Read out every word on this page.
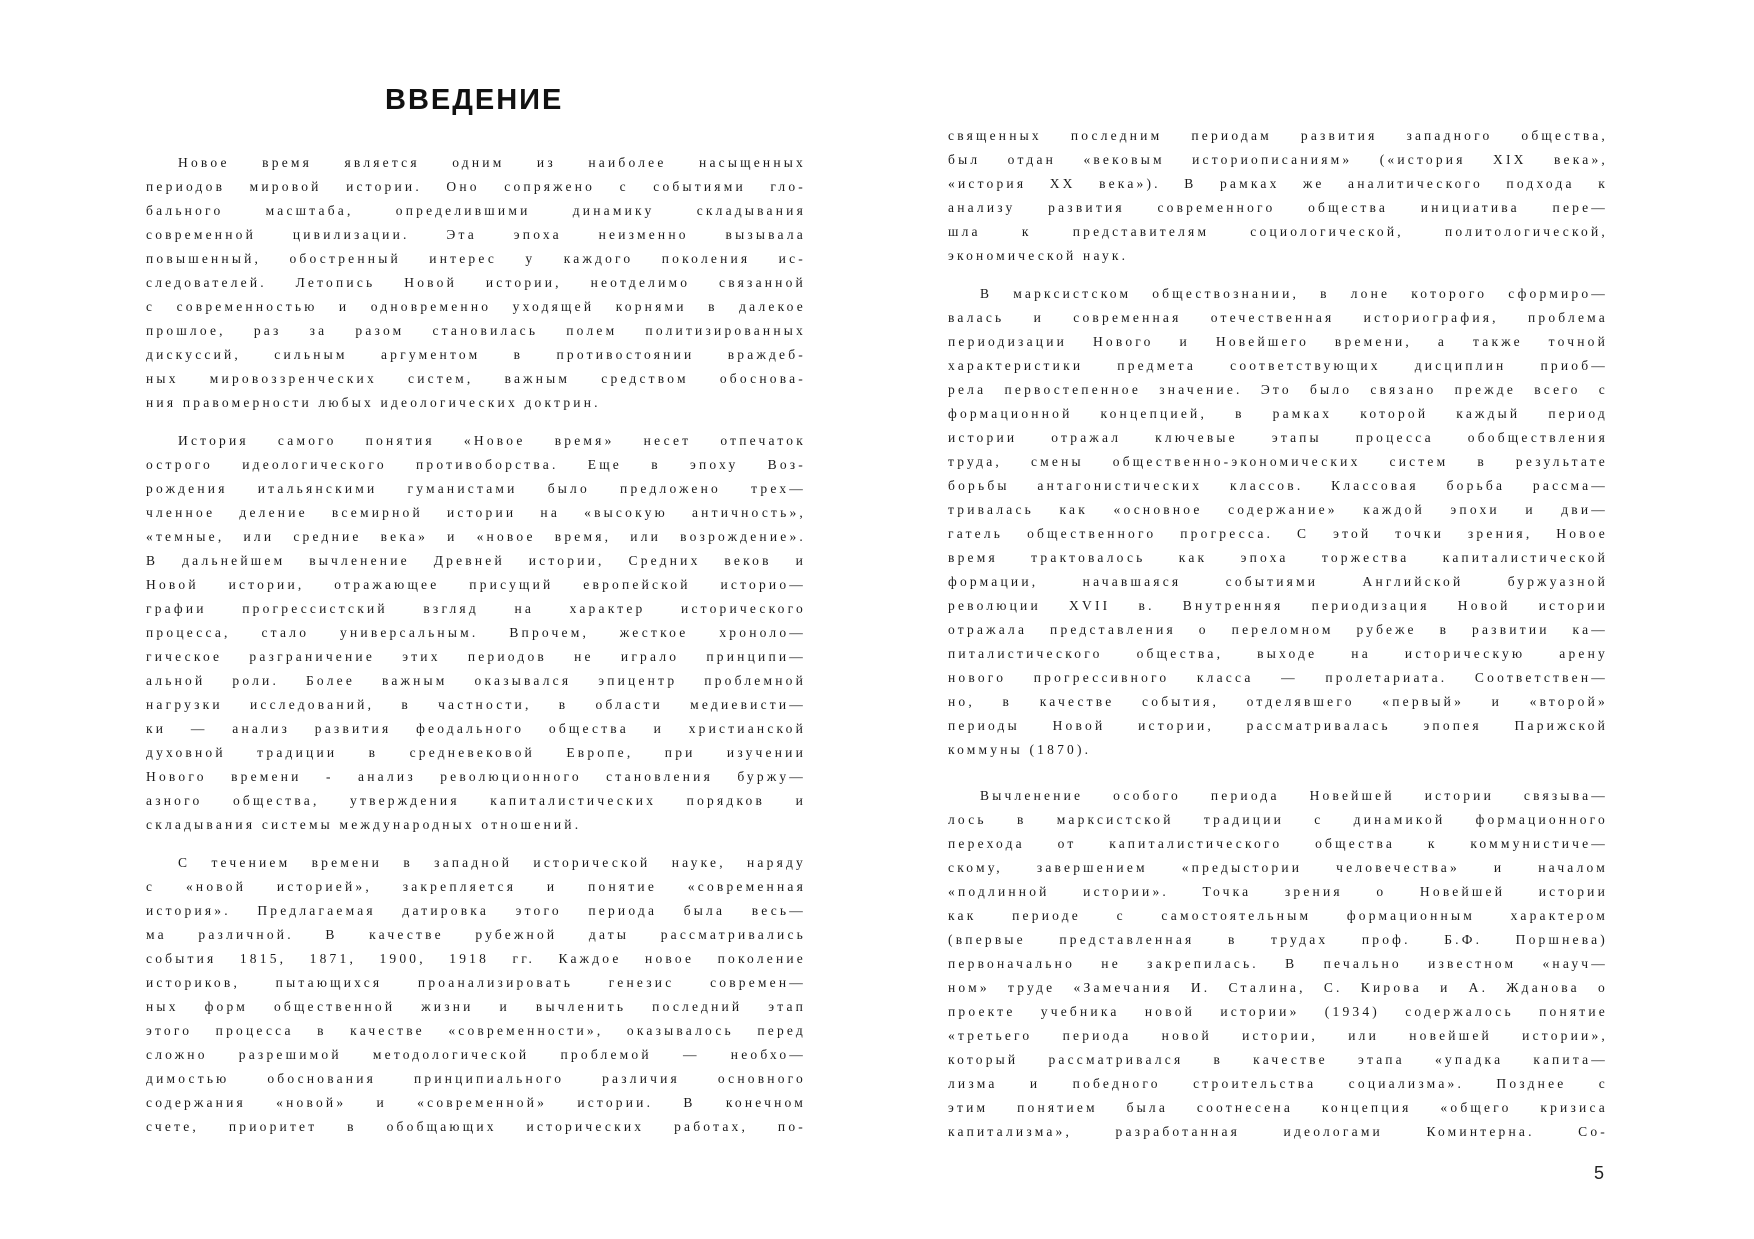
ВВЕДЕНИЕ

Новое время является одним из наиболее насыщенных
периодов мировой истории. Оно сопряжено с событиями гло-
бального масштаба, определившими динамику складывания
современной цивилизации. Эта эпоха неизменно вызывала
повышенный, обостренный интерес у каждого поколения ис-
следователей. Летопись Новой истории, неотделимо связанной
с современностью и одновременно уходящей корнями в далекое
прошлое, раз за разом становилась полем политизированных
дискуссий, сильным аргументом в противостоянии враждеб-
ных мировоззренческих систем, важным средством обоснова-
ния правомерности любых идеологических доктрин.

История самого понятия «Новое время» несет отпечаток
острого идеологического противоборства. Еще в эпоху Воз-
рождения итальянскими гуманистами было предложено трех—
членное деление всемирной истории на «высокую античность»,
«темные, или средние века» и «новое время, или возрождение».
В дальнейшем вычленение Древней истории, Средних веков и
Новой истории, отражающее присущий европейской историо—
графии прогрессистский взгляд на характер исторического
процесса, стало универсальным. Впрочем, жесткое хроноло—
гическое разграничение этих периодов не играло принципи—
альной роли. Более важным оказывался эпицентр проблемной
нагрузки исследований, в частности, в области медиевисти—
ки — анализ развития феодального общества и христианской
духовной традиции в средневековой Европе, при изучении
Нового времени - анализ революционного становления буржу—
азного общества, утверждения капиталистических порядков и
складывания системы международных отношений.

С течением времени в западной исторической науке, наряду
с «новой историей», закрепляется и понятие «современная
история». Предлагаемая датировка этого периода была весь—
ма различной. В качестве рубежной даты рассматривались
события 1815, 1871, 1900, 1918 гг. Каждое новое поколение
историков, пытающихся проанализировать генезис современ—
ных форм общественной жизни и вычленить последний этап
этого процесса в качестве «современности», оказывалось перед
сложно разрешимой методологической проблемой — необхо—
димостью обоснования принципиального различия основного
содержания «новой» и «современной» истории. В конечном
счете, приоритет в обобщающих исторических работах, по-

священных последним периодам развития западного общества,
был отдан «вековым историописаниям» («история XIX века»,
«история XX века»). В рамках же аналитического подхода к
анализу развития современного общества инициатива пере—
шла к представителям социологической, политологической,
экономической наук.

В марксистском обществознании, в лоне которого сформиро—
валась и современная отечественная историография, проблема
периодизации Нового и Новейшего времени, а также точной
характеристики предмета соответствующих дисциплин приоб—
рела первостепенное значение. Это было связано прежде всего с
формационной концепцией, в рамках которой каждый период
истории отражал ключевые этапы процесса обобществления
труда, смены общественно-экономических систем в результате
борьбы антагонистических классов. Классовая борьба рассма—
тривалась как «основное содержание» каждой эпохи и дви—
гатель общественного прогресса. С этой точки зрения, Новое
время трактовалось как эпоха торжества капиталистической
формации, начавшаяся событиями Английской буржуазной
революции XVII в. Внутренняя периодизация Новой истории
отражала представления о переломном рубеже в развитии ка—
питалистического общества, выходе на историческую арену
нового прогрессивного класса — пролетариата. Соответствен—
но, в качестве события, отделявшего «первый» и «второй»
периоды Новой истории, рассматривалась эпопея Парижской
коммуны (1870).

Вычленение особого периода Новейшей истории связыва—
лось в марксистской традиции с динамикой формационного
перехода от капиталистического общества к коммунистиче—
скому, завершением «предыстории человечества» и началом
«подлинной истории». Точка зрения о Новейшей истории
как периоде с самостоятельным формационным характером
(впервые представленная в трудах проф. Б.Ф. Поршнева)
первоначально не закрепилась. В печально известном «науч—
ном» труде «Замечания И. Сталина, С. Кирова и А. Жданова о
проекте учебника новой истории» (1934) содержалось понятие
«третьего периода новой истории, или новейшей истории»,
который рассматривался в качестве этапа «упадка капита—
лизма и победного строительства социализма». Позднее с
этим понятием была соотнесена концепция «общего кризиса
капитализма», разработанная идеологами Коминтерна. Со-

5
